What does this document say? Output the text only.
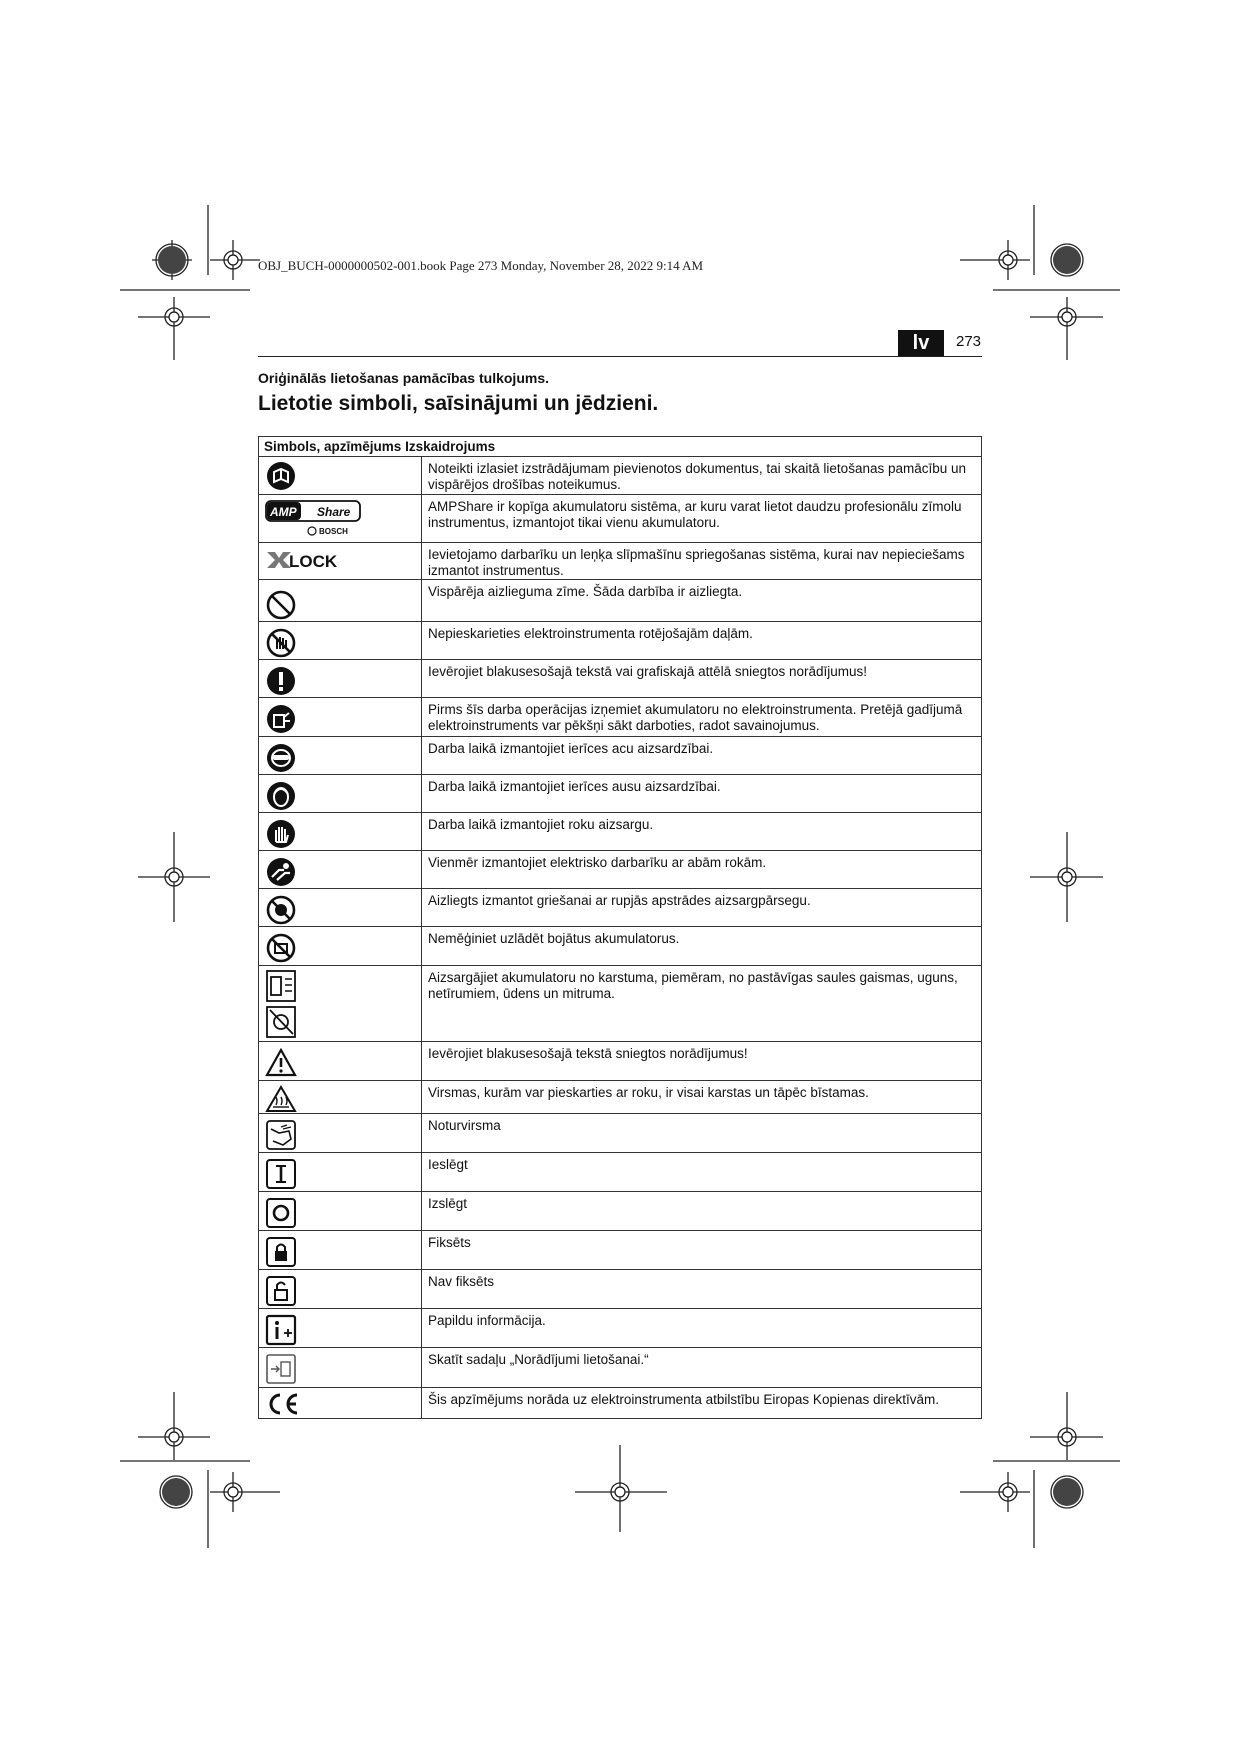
OBJ_BUCH-0000000502-001.book Page 273 Monday, November 28, 2022 9:14 AM
lv	273
Oriģinālās lietošanas pamācības tulkojums.
Lietotie simboli, saīsinājumi un jēdzieni.
Simbols, apzīmējums Izskaidrojums	

	Noteikti izlasiet izstrādājumam pievienotos dokumentus, tai skaitā lietošanas pamācību un vispārējos drošības noteikumus.

AMP Share
BOSCH	AMPShare ir kopīga akumulatoru sistēma, ar kuru varat lietot daudzu profesionālu zīmolu instrumentus, izmantojot tikai vienu akumulatoru.

LOCK	Ievietojamo darbarīku un leņķa slīpmašīnu spriegošanas sistēma, kurai nav nepieciešams izmantot instrumentus.

	Vispārēja aizlieguma zīme. Šāda darbība ir aizliegta.

	Nepieskarieties elektroinstrumenta rotējošajām daļām.

	Ievērojiet blakusesošajā tekstā vai grafiskajā attēlā sniegtos norādījumus!

	Pirms šīs darba operācijas izņemiet akumulatoru no elektroinstrumenta. Pretējā gadījumā elektroinstruments var pēkšņi sākt darboties, radot savainojumus.

	Darba laikā izmantojiet ierīces acu aizsardzībai.

	Darba laikā izmantojiet ierīces ausu aizsardzībai.

	Darba laikā izmantojiet roku aizsargu.

	Vienmēr izmantojiet elektrisko darbarīku ar abām rokām.

	Aizliegts izmantot griešanai ar rupjās apstrādes aizsargpārsegu.

	Nemēģiniet uzlādēt bojātus akumulatorus.

	Aizsargājiet akumulatoru no karstuma, piemēram, no pastāvīgas saules gaismas, uguns, netīrumiem, ūdens un mitruma.

	Ievērojiet blakusesošajā tekstā sniegtos norādījumus!

	Virsmas, kurām var pieskarties ar roku, ir visai karstas un tāpēc bīstamas.

	Noturvirsma

	Ieslēgt

	Izslēgt

	Fiksēts

	Nav fiksēts

	Papildu informācija.

	Skatīt sadaļu „Norādījumi lietošanai.“

	Šis apzīmējums norāda uz elektroinstrumenta atbilstību Eiropas Kopienas direktīvām.
